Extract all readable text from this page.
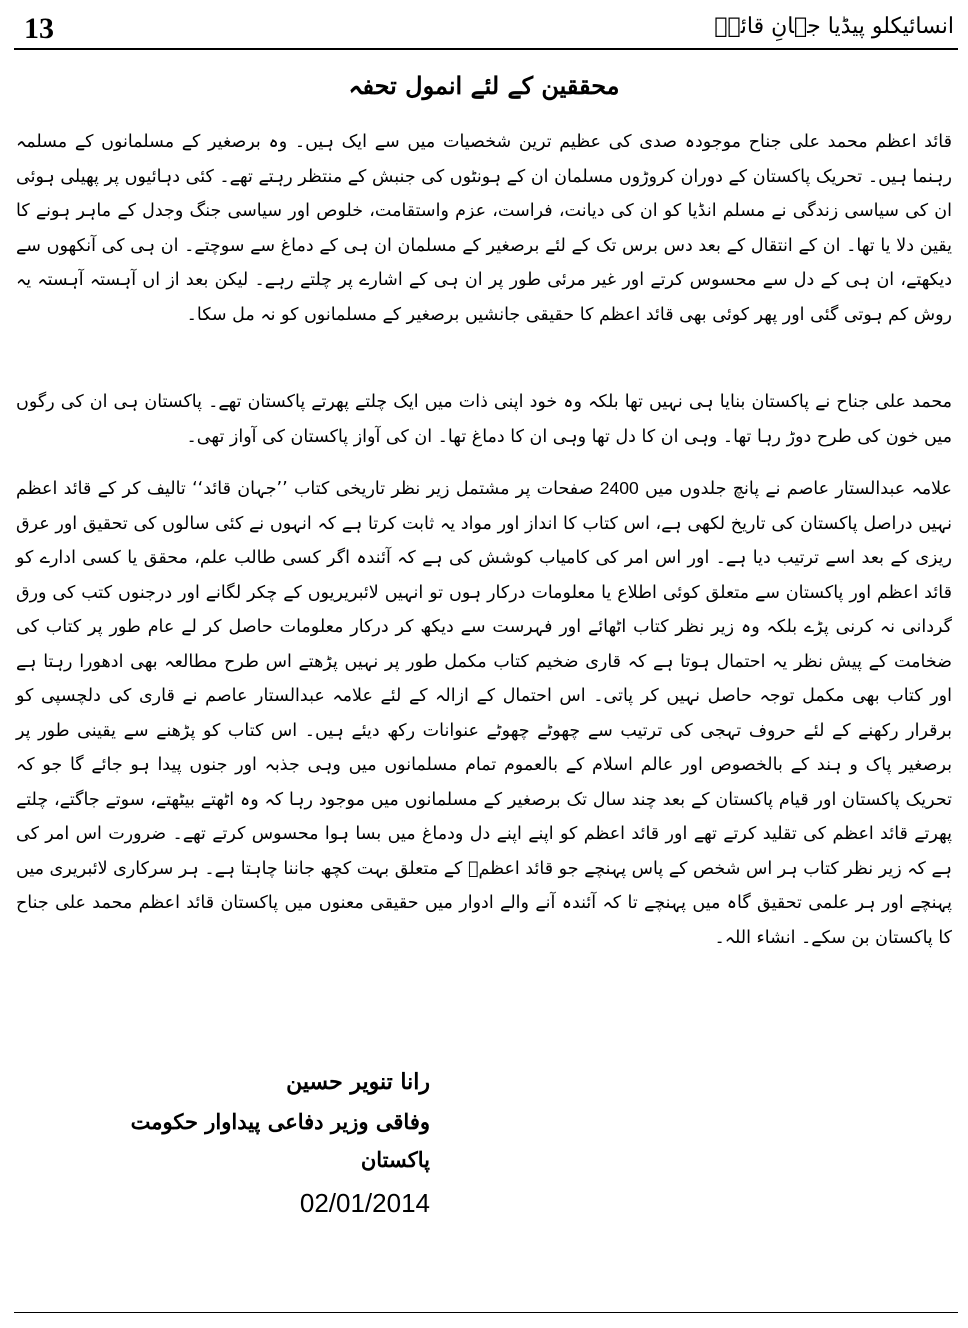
13	انسائیکلو پیڈیا جہانِ قائدؒ
محققین کے لئے انمول تحفہ

قائد اعظم محمد علی جناح موجودہ صدی کی عظیم ترین شخصیات میں سے ایک ہیں۔ وہ برصغیر کے مسلمانوں کے مسلمہ رہنما ہیں۔ تحریک پاکستان کے دوران کروڑوں مسلمان ان کے ہونٹوں کی جنبش کے منتظر رہتے تھے۔ کئی دہائیوں پر پھیلی ہوئی ان کی سیاسی زندگی نے مسلم انڈیا کو ان کی دیانت، فراست، عزم واستقامت، خلوص اور سیاسی جنگ وجدل کے ماہر ہونے کا یقین دلا یا تھا۔ ان کے انتقال کے بعد دس برس تک کے لئے برصغیر کے مسلمان ان ہی کے دماغ سے سوچتے۔ ان ہی کی آنکھوں سے دیکھتے، ان ہی کے دل سے محسوس کرتے اور غیر مرئی طور پر ان ہی کے اشارے پر چلتے رہے۔ لیکن بعد از اں آہستہ آہستہ یہ روش کم ہوتی گئی اور پھر کوئی بھی قائد اعظم کا حقیقی جانشیں برصغیر کے مسلمانوں کو نہ مل سکا۔

محمد علی جناح نے پاکستان بنایا ہی نہیں تھا بلکہ وہ خود اپنی ذات میں ایک چلتے پھرتے پاکستان تھے۔ پاکستان ہی ان کی رگوں میں خون کی طرح دوڑ رہا تھا۔ وہی ان کا دل تھا وہی ان کا دماغ تھا۔ ان کی آواز پاکستان کی آواز تھی۔

علامہ عبدالستار عاصم نے پانچ جلدوں میں 2400 صفحات پر مشتمل زیر نظر تاریخی کتاب ’’جہان قائد‘‘ تالیف کر کے قائد اعظم نہیں دراصل پاکستان کی تاریخ لکھی ہے، اس کتاب کا انداز اور مواد یہ ثابت کرتا ہے کہ انہوں نے کئی سالوں کی تحقیق اور عرق ریزی کے بعد اسے ترتیب دیا ہے۔ اور اس امر کی کامیاب کوشش کی ہے کہ آئندہ اگر کسی طالب علم، محقق یا کسی ادارے کو قائد اعظم اور پاکستان سے متعلق کوئی اطلاع یا معلومات درکار ہوں تو انہیں لائبریریوں کے چکر لگانے اور درجنوں کتب کی ورق گردانی نہ کرنی پڑے بلکہ وہ زیر نظر کتاب اٹھائے اور فہرست سے دیکھ کر درکار معلومات حاصل کر لے عام طور پر کتاب کی ضخامت کے پیش نظر یہ احتمال ہوتا ہے کہ قاری ضخیم کتاب مکمل طور پر نہیں پڑھتے اس طرح مطالعہ بھی ادھورا رہتا ہے اور کتاب بھی مکمل توجہ حاصل نہیں کر پاتی۔ اس احتمال کے ازالہ کے لئے علامہ عبدالستار عاصم نے قاری کی دلچسپی کو برقرار رکھنے کے لئے حروف تہجی کی ترتیب سے چھوٹے چھوٹے عنوانات رکھ دیئے ہیں۔ اس کتاب کو پڑھنے سے یقینی طور پر برصغیر پاک و ہند کے بالخصوص اور عالم اسلام کے بالعموم تمام مسلمانوں میں وہی جذبہ اور جنوں پیدا ہو جائے گا جو کہ تحریک پاکستان اور قیام پاکستان کے بعد چند سال تک برصغیر کے مسلمانوں میں موجود رہا کہ وہ اٹھتے بیٹھتے، سوتے جاگتے، چلتے پھرتے قائد اعظم کی تقلید کرتے تھے اور قائد اعظم کو اپنے اپنے دل ودماغ میں بسا ہوا محسوس کرتے تھے۔ ضرورت اس امر کی ہے کہ زیر نظر کتاب ہر اس شخص کے پاس پہنچے جو قائد اعظمؒ کے متعلق بہت کچھ جاننا چاہتا ہے۔ ہر سرکاری لائبریری میں پہنچے اور ہر علمی تحقیق گاہ میں پہنچے تا کہ آئندہ آنے والے ادوار میں حقیقی معنوں میں پاکستان قائد اعظم محمد علی جناح کا پاکستان بن سکے۔ انشاء اللہ۔

رانا تنویر حسین
وفاقی وزیر دفاعی پیداوار حکومت پاکستان
02/01/2014
